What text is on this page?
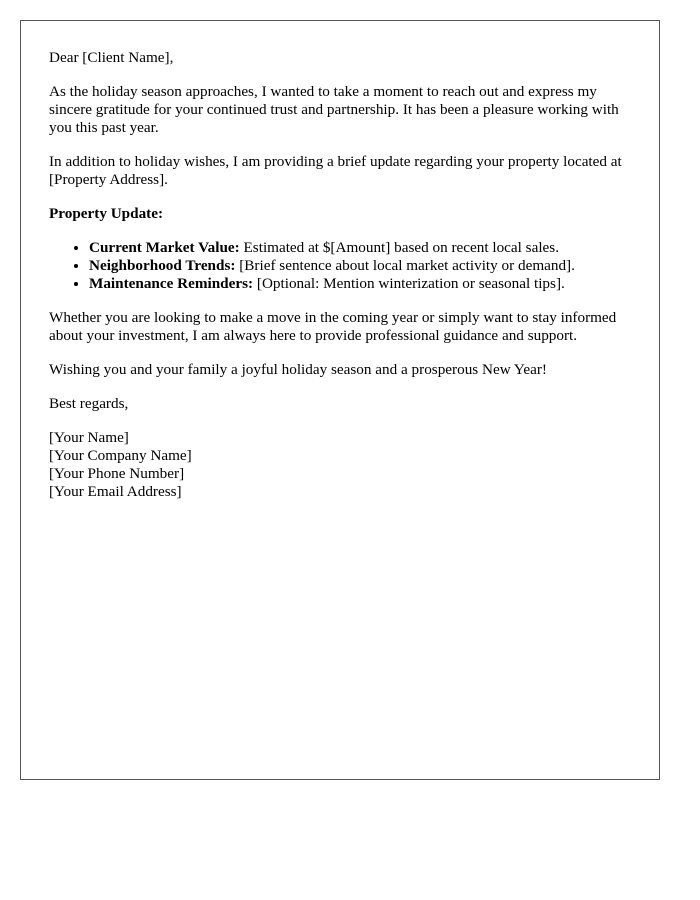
Dear [Client Name],

As the holiday season approaches, I wanted to take a moment to reach out and express my sincere gratitude for your continued trust and partnership. It has been a pleasure working with you this past year.

In addition to holiday wishes, I am providing a brief update regarding your property located at [Property Address].

Property Update:

• Current Market Value: Estimated at $[Amount] based on recent local sales.
• Neighborhood Trends: [Brief sentence about local market activity or demand].
• Maintenance Reminders: [Optional: Mention winterization or seasonal tips].

Whether you are looking to make a move in the coming year or simply want to stay informed about your investment, I am always here to provide professional guidance and support.

Wishing you and your family a joyful holiday season and a prosperous New Year!

Best regards,

[Your Name]
[Your Company Name]
[Your Phone Number]
[Your Email Address]
